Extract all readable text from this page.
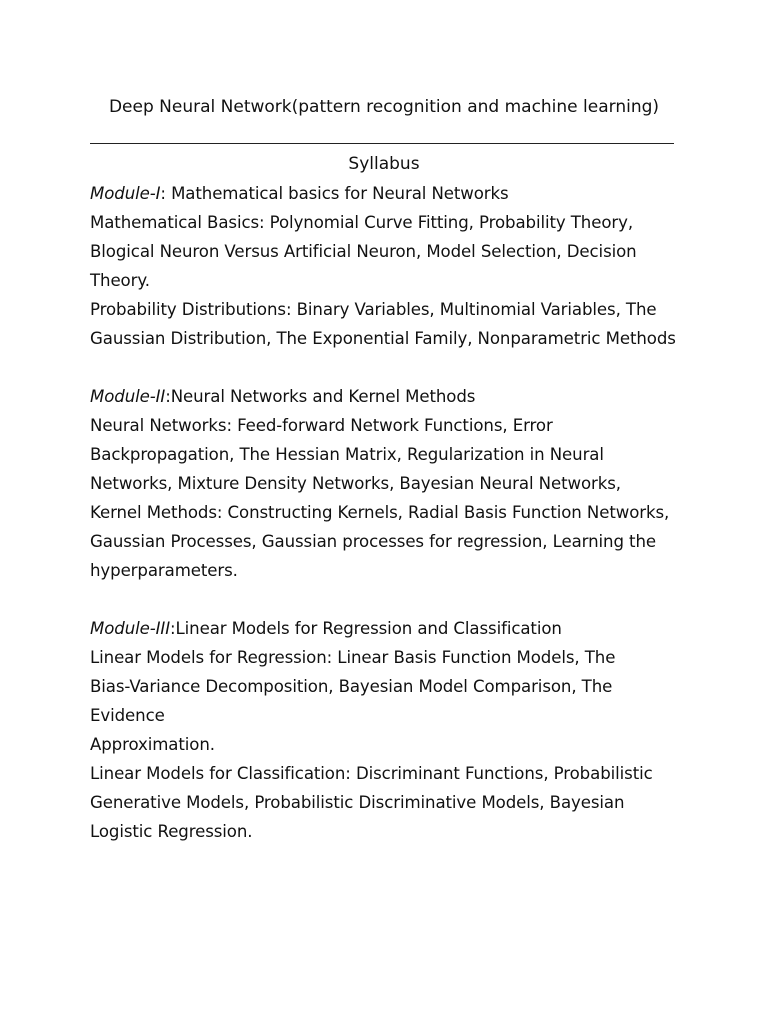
Deep Neural Network(pattern recognition and machine learning)
Syllabus

Module-I: Mathematical basics for Neural Networks

Mathematical Basics: Polynomial Curve Fitting, Probability Theory,
Blogical Neuron Versus Artificial Neuron, Model Selection, Decision
Theory.

Probability Distributions: Binary Variables, Multinomial Variables, The
Gaussian Distribution, The Exponential Family, Nonparametric Methods

Module-II:Neural Networks and Kernel Methods

Neural Networks: Feed-forward Network Functions, Error
Backpropagation, The Hessian Matrix, Regularization in Neural
Networks, Mixture Density Networks, Bayesian Neural Networks,
Kernel Methods: Constructing Kernels, Radial Basis Function Networks,
Gaussian Processes, Gaussian processes for regression, Learning the
hyperparameters.

Module-III:Linear Models for Regression and Classification

Linear Models for Regression: Linear Basis Function Models, The
Bias-Variance Decomposition, Bayesian Model Comparison, The Evidence
Approximation.

Linear Models for Classification: Discriminant Functions, Probabilistic
Generative Models, Probabilistic Discriminative Models, Bayesian
Logistic Regression.
